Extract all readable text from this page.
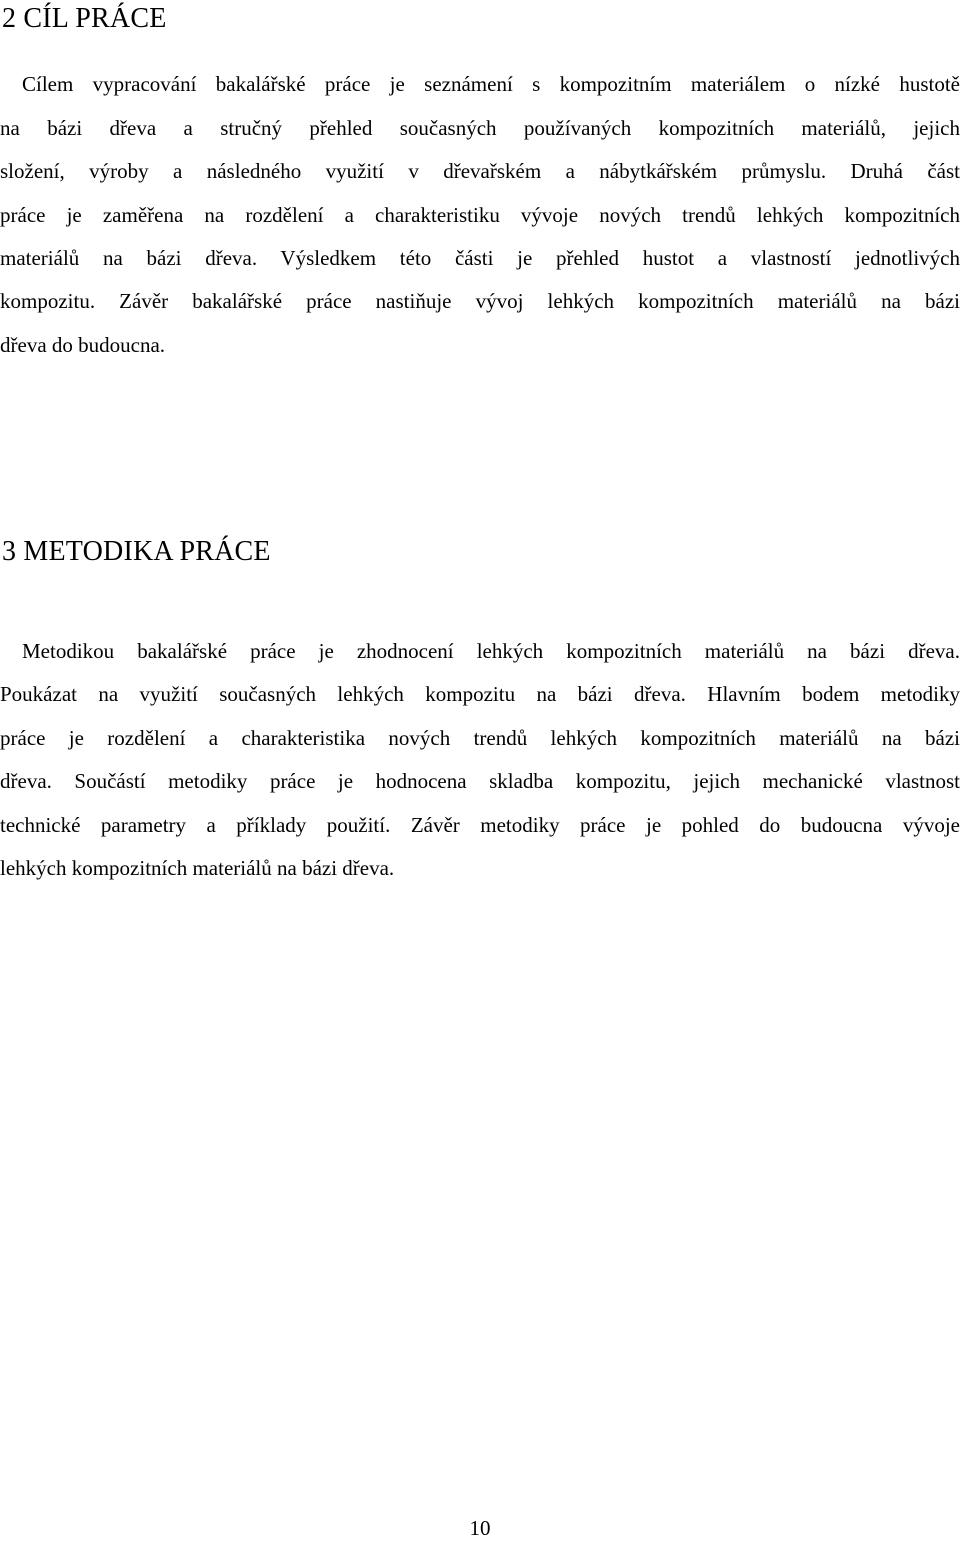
2 CÍL PRÁCE

Cílem vypracování bakalářské práce je seznámení s kompozitním materiálem o nízké hustotě

na bázi dřeva a stručný přehled současných používaných kompozitních materiálů, jejich

složení, výroby a následného využití v dřevařském a nábytkářském průmyslu. Druhá část

práce je zaměřena na rozdělení a charakteristiku vývoje nových trendů lehkých kompozitních

materiálů na bázi dřeva. Výsledkem této části je přehled hustot a vlastností jednotlivých

kompozitu. Závěr bakalářské práce nastiňuje vývoj lehkých kompozitních materiálů na bázi

dřeva do budoucna.

3 METODIKA PRÁCE

Metodikou bakalářské práce je zhodnocení lehkých kompozitních materiálů na bázi dřeva.

Poukázat na využití současných lehkých kompozitu na bázi dřeva. Hlavním bodem metodiky

práce je rozdělení a charakteristika nových trendů lehkých kompozitních materiálů na bázi

dřeva. Součástí metodiky práce je hodnocena skladba kompozitu, jejich mechanické vlastnost

technické parametry a příklady použití. Závěr metodiky práce je pohled do budoucna vývoje

lehkých kompozitních materiálů na bázi dřeva.

10
